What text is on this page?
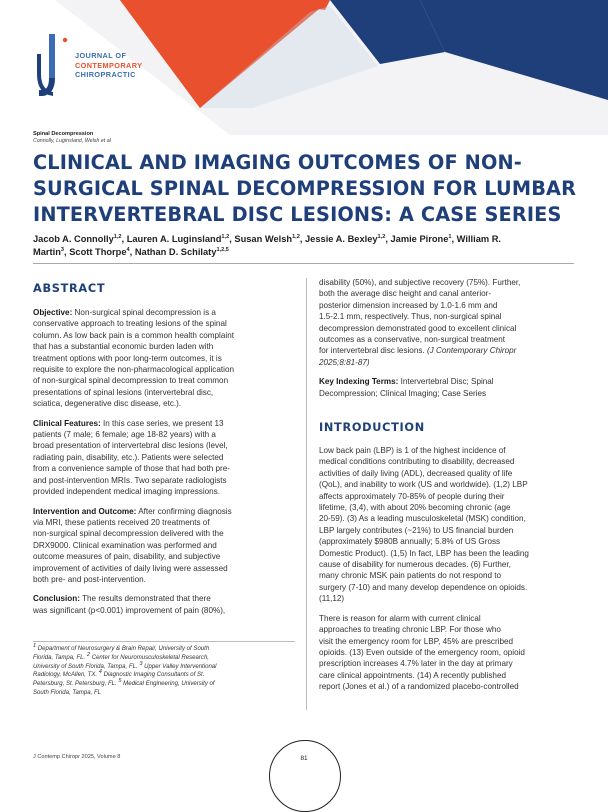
JOURNAL OF
CONTEMPORARY
CHIROPRACTIC
Spinal Decompression
Connolly, Luginsland, Welsh et al
CLINICAL AND IMAGING OUTCOMES OF NON-
SURGICAL SPINAL DECOMPRESSION FOR LUMBAR
INTERVERTEBRAL DISC LESIONS: A CASE SERIES
Jacob A. Connolly$^{1,2}$, Lauren A. Luginsland$^{1,2}$, Susan Welsh$^{1,2}$, Jessie A. Bexley$^{1,2}$, Jamie Pirone$^1$, William R.
Martin$^3$, Scott Thorpe$^4$, Nathan D. Schilaty$^{1,2,5}$
ABSTRACT

Objective: Non-surgical spinal decompression is a
conservative approach to treating lesions of the spinal
column. As low back pain is a common health complaint
that has a substantial economic burden laden with
treatment options with poor long-term outcomes, it is
requisite to explore the non-pharmacological application
of non-surgical spinal decompression to treat common
presentations of spinal lesions (intervertebral disc,
sciatica, degenerative disc disease, etc.).

Clinical Features: In this case series, we present 13
patients (7 male; 6 female; age 18-82 years) with a
broad presentation of intervertebral disc lesions (level,
radiating pain, disability, etc.). Patients were selected
from a convenience sample of those that had both pre-
and post-intervention MRIs. Two separate radiologists
provided independent medical imaging impressions.

Intervention and Outcome: After confirming diagnosis
via MRI, these patients received 20 treatments of
non-surgical spinal decompression delivered with the
DRX9000. Clinical examination was performed and
outcome measures of pain, disability, and subjective
improvement of activities of daily living were assessed
both pre- and post-intervention.

Conclusion: The results demonstrated that there
was significant (p<0.001) improvement of pain (80%),

$^1$ Department of Neurosurgery & Brain Repair, University of South
Florida, Tampa, FL. $^2$ Center for Neuromusculoskeletal Research,
University of South Florida, Tampa, FL. $^3$ Upper Valley Interventional
Radiology, McAllen, TX. $^4$ Diagnostic Imaging Consultants of St.
Petersburg, St. Petersburg, FL. $^5$ Medical Engineering, University of
South Florida, Tampa, FL

disability (50%), and subjective recovery (75%). Further,
both the average disc height and canal anterior-
posterior dimension increased by 1.0-1.6 mm and
1.5-2.1 mm, respectively. Thus, non-surgical spinal
decompression demonstrated good to excellent clinical
outcomes as a conservative, non-surgical treatment
for intervertebral disc lesions. (J Contemporary Chiropr
2025;8:81-87)

Key Indexing Terms: Intervertebral Disc; Spinal
Decompression; Clinical Imaging; Case Series

INTRODUCTION

Low back pain (LBP) is 1 of the highest incidence of
medical conditions contributing to disability, decreased
activities of daily living (ADL), decreased quality of life
(QoL), and inability to work (US and worldwide). (1,2) LBP
affects approximately 70-85% of people during their
lifetime, (3,4), with about 20% becoming chronic (age
20-59). (3) As a leading musculoskeletal (MSK) condition,
LBP largely contributes (~21%) to US financial burden
(approximately $980B annually; 5.8% of US Gross
Domestic Product). (1,5) In fact, LBP has been the leading
cause of disability for numerous decades. (6) Further,
many chronic MSK pain patients do not respond to
surgery (7-10) and many develop dependence on opioids.
(11,12)

There is reason for alarm with current clinical
approaches to treating chronic LBP. For those who
visit the emergency room for LBP, 45% are prescribed
opioids. (13) Even outside of the emergency room, opioid
prescription increases 4.7% later in the day at primary
care clinical appointments. (14) A recently published
report (Jones et al.) of a randomized placebo-controlled

J Contemp Chiropr 2025, Volume 8	81
